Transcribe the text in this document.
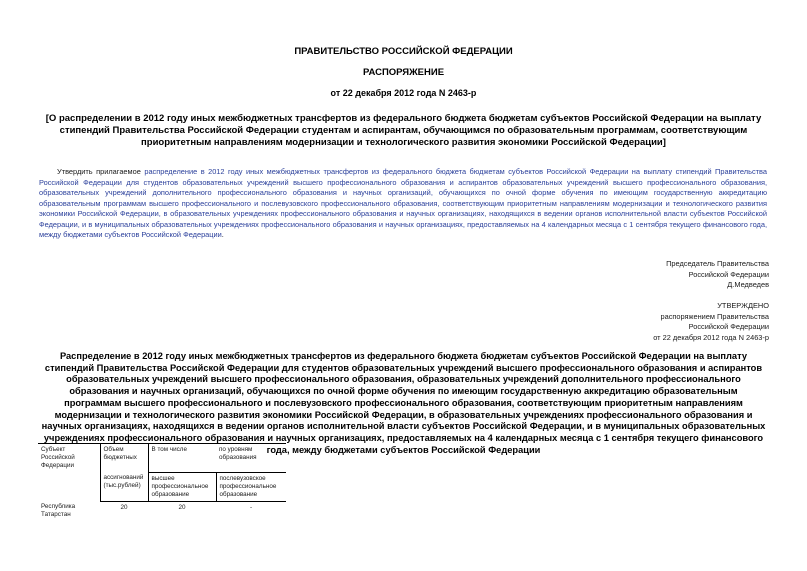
ПРАВИТЕЛЬСТВО РОССИЙСКОЙ ФЕДЕРАЦИИ
РАСПОРЯЖЕНИЕ
от 22 декабря 2012 года N 2463-р
[О распределении в 2012 году иных межбюджетных трансфертов из федерального бюджета бюджетам субъектов Российской Федерации на выплату стипендий Правительства Российской Федерации студентам и аспирантам, обучающимся по образовательным программам, соответствующим приоритетным направлениям модернизации и технологического развития экономики Российской Федерации]
Утвердить прилагаемое распределение в 2012 году иных межбюджетных трансфертов из федерального бюджета бюджетам субъектов Российской Федерации на выплату стипендий Правительства Российской Федерации для студентов образовательных учреждений высшего профессионального образования и аспирантов образовательных учреждений высшего профессионального образования, образовательных учреждений дополнительного профессионального образования и научных организаций, обучающихся по очной форме обучения по имеющим государственную аккредитацию образовательным программам высшего профессионального и послевузовского профессионального образования, соответствующим приоритетным направлениям модернизации и технологического развития экономики Российской Федерации, в образовательных учреждениях профессионального образования и научных организациях, находящихся в ведении органов исполнительной власти субъектов Российской Федерации, и в муниципальных образовательных учреждениях профессионального образования и научных организациях, предоставляемых на 4 календарных месяца с 1 сентября текущего финансового года, между бюджетами субъектов Российской Федерации.
Председатель Правительства
Российской Федерации
Д.Медведев
УТВЕРЖДЕНО
распоряжением Правительства
Российской Федерации
от 22 декабря 2012 года N 2463-р
Распределение в 2012 году иных межбюджетных трансфертов из федерального бюджета бюджетам субъектов Российской Федерации на выплату стипендий Правительства Российской Федерации для студентов образовательных учреждений высшего профессионального образования и аспирантов образовательных учреждений высшего профессионального образования, образовательных учреждений дополнительного профессионального образования и научных организаций, обучающихся по очной форме обучения по имеющим государственную аккредитацию образовательным программам высшего профессионального и послевузовского профессионального образования, соответствующим приоритетным направлениям модернизации и технологического развития экономики Российской Федерации, в образовательных учреждениях профессионального образования и научных организациях, находящихся в ведении органов исполнительной власти субъектов Российской Федерации, и в муниципальных образовательных учреждениях профессионального образования и научных организациях, предоставляемых на 4 календарных месяца с 1 сентября текущего финансового года, между бюджетами субъектов Российской Федерации
Субъект Российской Федерации	Объем бюджетных	В том числе	по уровням образования
	ассигнований (тыс.рублей)	высшее профессиональное образование	послевузовское профессиональное образование
Республика Татарстан	20	20	-
